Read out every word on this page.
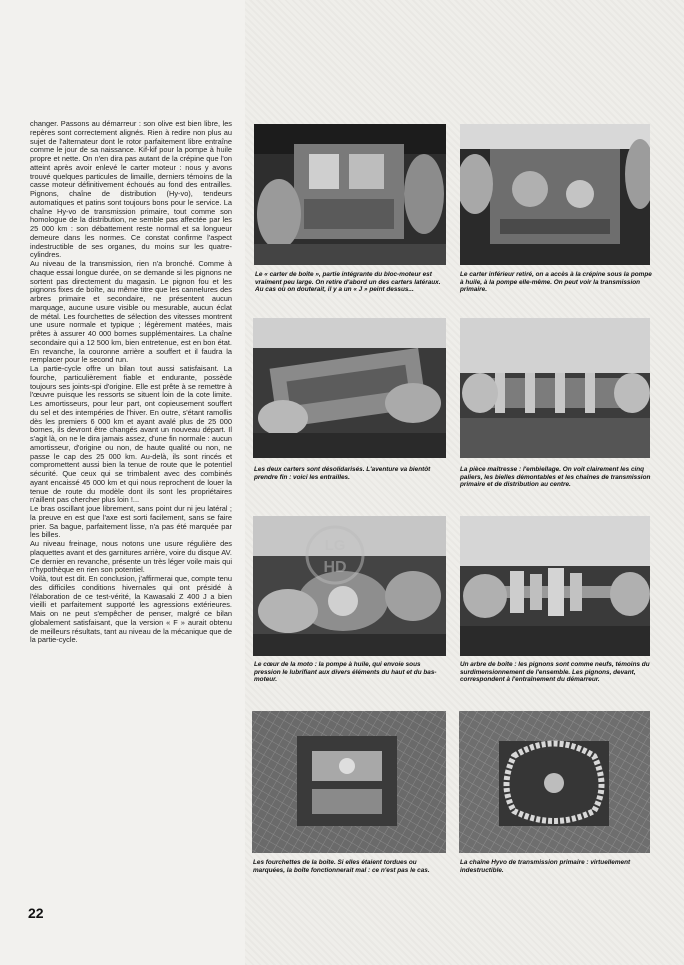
changer. Passons au démarreur : son olive est bien libre, les repères sont correctement alignés. Rien à redire non plus au sujet de l'alternateur dont le rotor parfaitement libre entraîne comme le jour de sa naissance. Kif-kif pour la pompe à huile propre et nette. On n'en dira pas autant de la crépine que l'on atteint après avoir enlevé le carter moteur : nous y avons trouvé quelques particules de limaille, derniers témoins de la casse moteur définitivement échoués au fond des entrailles. Pignons, chaîne de distribution (Hy-vo), tendeurs automatiques et patins sont toujours bons pour le service. La chaîne Hy-vo de transmission primaire, tout comme son homologue de la distribution, ne semble pas affectée par les 25 000 km : son débattement reste normal et sa longueur demeure dans les normes. Ce constat confirme l'aspect indestructible de ses organes, du moins sur les quatre-cylindres.

Au niveau de la transmission, rien n'a bronché. Comme à chaque essai longue durée, on se demande si les pignons ne sortent pas directement du magasin. Le pignon fou et les pignons fixes de boîte, au même titre que les cannelures des arbres primaire et secondaire, ne présentent aucun marquage, aucune usure visible ou mesurable, aucun éclat de métal. Les fourchettes de sélection des vitesses montrent une usure normale et typique ; légèrement matées, mais prêtes à assurer 40 000 bornes supplémentaires. La chaîne secondaire qui a 12 500 km, bien entretenue, est en bon état. En revanche, la couronne arrière a souffert et il faudra la remplacer pour le second run.

La partie-cycle offre un bilan tout aussi satisfaisant. La fourche, particulièrement fiable et endurante, possède toujours ses joints-spi d'origine. Elle est prête à se remettre à l'œuvre puisque les ressorts se situent loin de la cote limite. Les amortisseurs, pour leur part, ont copieusement souffert du sel et des intempéries de l'hiver. En outre, s'étant ramollis dès les premiers 6 000 km et ayant avalé plus de 25 000 bornes, ils devront être changés avant un nouveau départ. Il s'agit là, on ne le dira jamais assez, d'une fin normale : aucun amortisseur, d'origine ou non, de haute qualité ou non, ne passe le cap des 25 000 km. Au-delà, ils sont rincés et compromettent aussi bien la tenue de route que le potentiel sécurité. Que ceux qui se trimbalent avec des combinés ayant encaissé 45 000 km et qui nous reprochent de louer la tenue de route du modèle dont ils sont les propriétaires n'aillent pas chercher plus loin !...

Le bras oscillant joue librement, sans point dur ni jeu latéral ; la preuve en est que l'axe est sorti facilement, sans se faire prier. Sa bague, parfaitement lisse, n'a pas été marquée par les billes.

Au niveau freinage, nous notons une usure régulière des plaquettes avant et des garnitures arrière, voire du disque AV. Ce dernier en revanche, présente un très léger voile mais qui n'hypothèque en rien son potentiel.

Voilà, tout est dit. En conclusion, j'affirmerai que, compte tenu des difficiles conditions hivernales qui ont présidé à l'élaboration de ce test-vérité, la Kawasaki Z 400 J a bien vieilli et parfaitement supporté les agressions extérieures. Mais on ne peut s'empêcher de penser, malgré ce bilan globalement satisfaisant, que la version « F » aurait obtenu de meilleurs résultats, tant au niveau de la mécanique que de la partie-cycle.

Le « carter de boîte », partie intégrante du bloc-moteur est vraiment peu large. On retire d'abord un des carters latéraux. Au cas où on douterait, il y a un « J » peint dessus...
Le carter inférieur retiré, on a accès à la crépine sous la pompe à huile, à la pompe elle-même. On peut voir la transmission primaire.
Les deux carters sont désolidarisés. L'aventure va bientôt prendre fin : voici les entrailles.
La pièce maîtresse : l'embiellage. On voit clairement les cinq paliers, les bielles démontables et les chaînes de transmission primaire et de distribution au centre.
Le cœur de la moto : la pompe à huile, qui envoie sous pression le lubrifiant aux divers éléments du haut et du bas-moteur.
Un arbre de boîte : les pignons sont comme neufs, témoins du surdimensionnement de l'ensemble. Les pignons, devant, correspondent à l'entraînement du démarreur.
Les fourchettes de la boîte. Si elles étaient tordues ou marquées, la boîte fonctionnerait mal : ce n'est pas le cas.
La chaîne Hyvo de transmission primaire : virtuellement indestructible.
LG
HD
22
